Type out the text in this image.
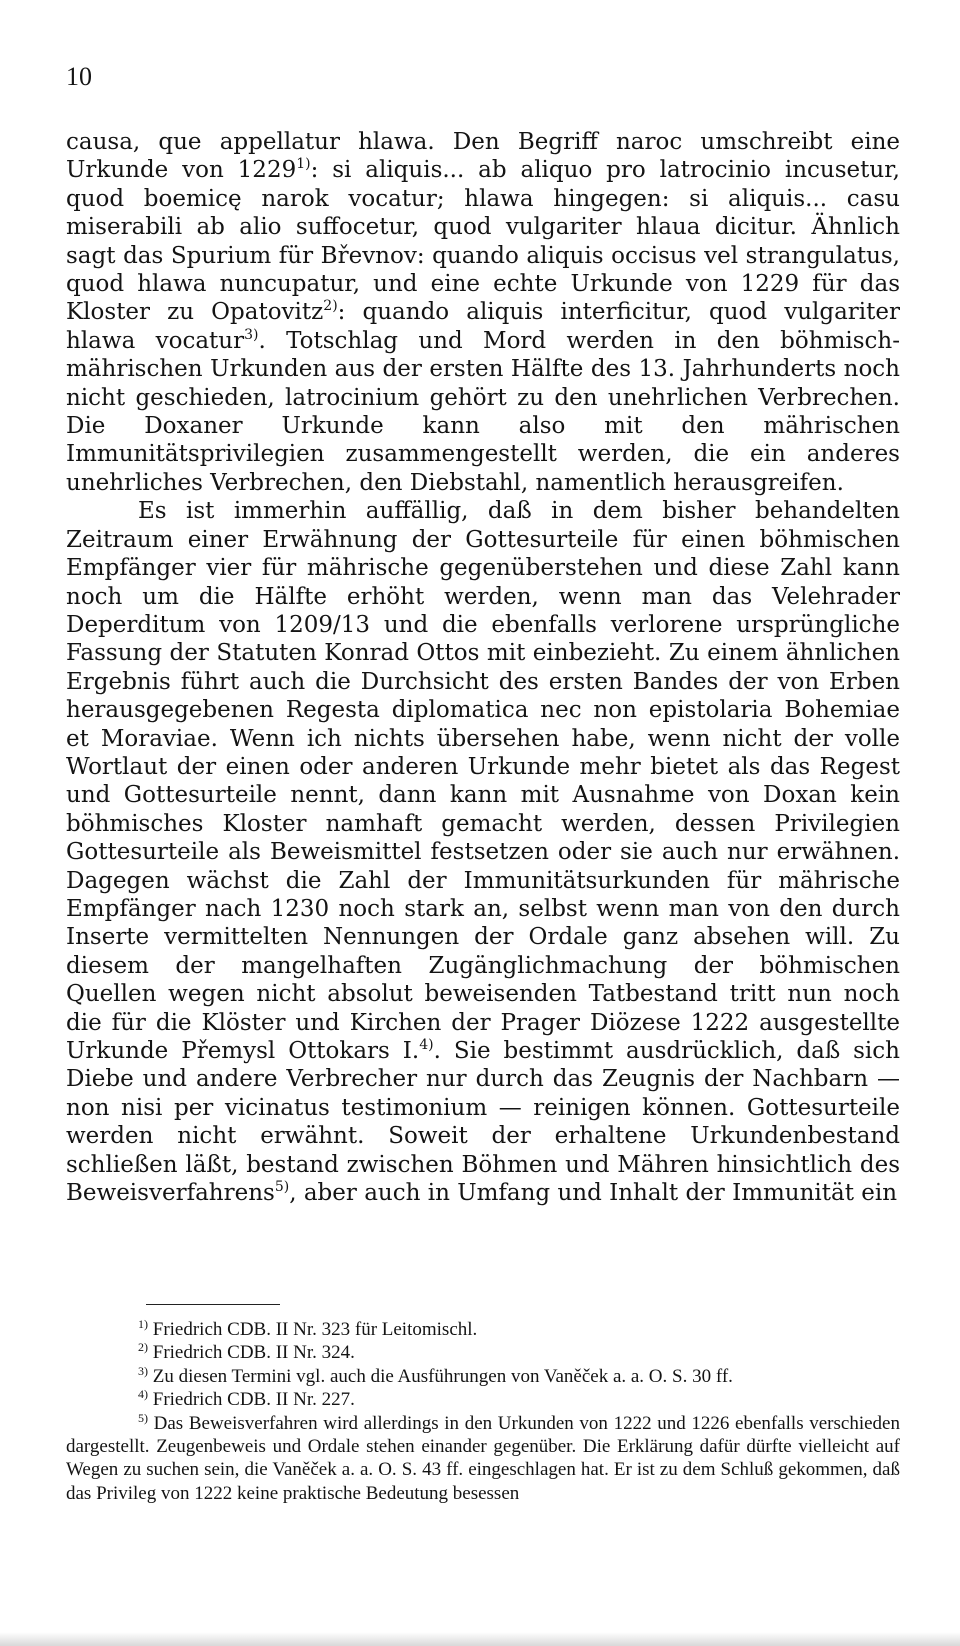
10

causa, que appellatur hlawa. Den Begriff naroc umschreibt eine Urkunde von 1229$^{1)}$: si aliquis... ab aliquo pro latrocinio incusetur, quod boemicę narok vocatur; hlawa hingegen: si aliquis... casu miserabili ab alio suffocetur, quod vulgariter hlaua dicitur. Ähnlich sagt das Spurium für Břevnov: quando aliquis occisus vel strangulatus, quod hlawa nuncupatur, und eine echte Urkunde von 1229 für das Kloster zu Opatovitz$^{2)}$: quando aliquis interficitur, quod vulgariter hlawa vocatur$^{3)}$. Totschlag und Mord werden in den böhmisch-mährischen Urkunden aus der ersten Hälfte des 13. Jahrhunderts noch nicht geschieden, latrocinium gehört zu den unehrlichen Verbrechen. Die Doxaner Urkunde kann also mit den mährischen Immunitätsprivilegien zusammengestellt werden, die ein anderes unehrliches Verbrechen, den Diebstahl, namentlich herausgreifen.

Es ist immerhin auffällig, daß in dem bisher behandelten Zeitraum einer Erwähnung der Gottesurteile für einen böhmischen Empfänger vier für mährische gegenüberstehen und diese Zahl kann noch um die Hälfte erhöht werden, wenn man das Velehrader Deperditum von 1209/13 und die ebenfalls verlorene ursprüngliche Fassung der Statuten Konrad Ottos mit einbezieht. Zu einem ähnlichen Ergebnis führt auch die Durchsicht des ersten Bandes der von Erben herausgegebenen Regesta diplomatica nec non epistolaria Bohemiae et Moraviae. Wenn ich nichts übersehen habe, wenn nicht der volle Wortlaut der einen oder anderen Urkunde mehr bietet als das Regest und Gottesurteile nennt, dann kann mit Ausnahme von Doxan kein böhmisches Kloster namhaft gemacht werden, dessen Privilegien Gottesurteile als Beweismittel festsetzen oder sie auch nur erwähnen. Dagegen wächst die Zahl der Immunitätsurkunden für mährische Empfänger nach 1230 noch stark an, selbst wenn man von den durch Inserte vermittelten Nennungen der Ordale ganz absehen will. Zu diesem der mangelhaften Zugänglichmachung der böhmischen Quellen wegen nicht absolut beweisenden Tatbestand tritt nun noch die für die Klöster und Kirchen der Prager Diözese 1222 ausgestellte Urkunde Přemysl Ottokars I.$^{4)}$. Sie bestimmt ausdrücklich, daß sich Diebe und andere Verbrecher nur durch das Zeugnis der Nachbarn — non nisi per vicinatus testimonium — reinigen können. Gottesurteile werden nicht erwähnt. Soweit der erhaltene Urkundenbestand schließen läßt, bestand zwischen Böhmen und Mähren hinsichtlich des Beweisverfahrens$^{5)}$, aber auch in Umfang und Inhalt der Immunität ein

$^{1)}$ Friedrich CDB. II Nr. 323 für Leitomischl.

$^{2)}$ Friedrich CDB. II Nr. 324.

$^{3)}$ Zu diesen Termini vgl. auch die Ausführungen von Vaněček a. a. O. S. 30 ff.

$^{4)}$ Friedrich CDB. II Nr. 227.

$^{5)}$ Das Beweisverfahren wird allerdings in den Urkunden von 1222 und 1226 ebenfalls verschieden dargestellt. Zeugenbeweis und Ordale stehen einander gegenüber. Die Erklärung dafür dürfte vielleicht auf Wegen zu suchen sein, die Vaněček a. a. O. S. 43 ff. eingeschlagen hat. Er ist zu dem Schluß gekommen, daß das Privileg von 1222 keine praktische Bedeutung besessen
